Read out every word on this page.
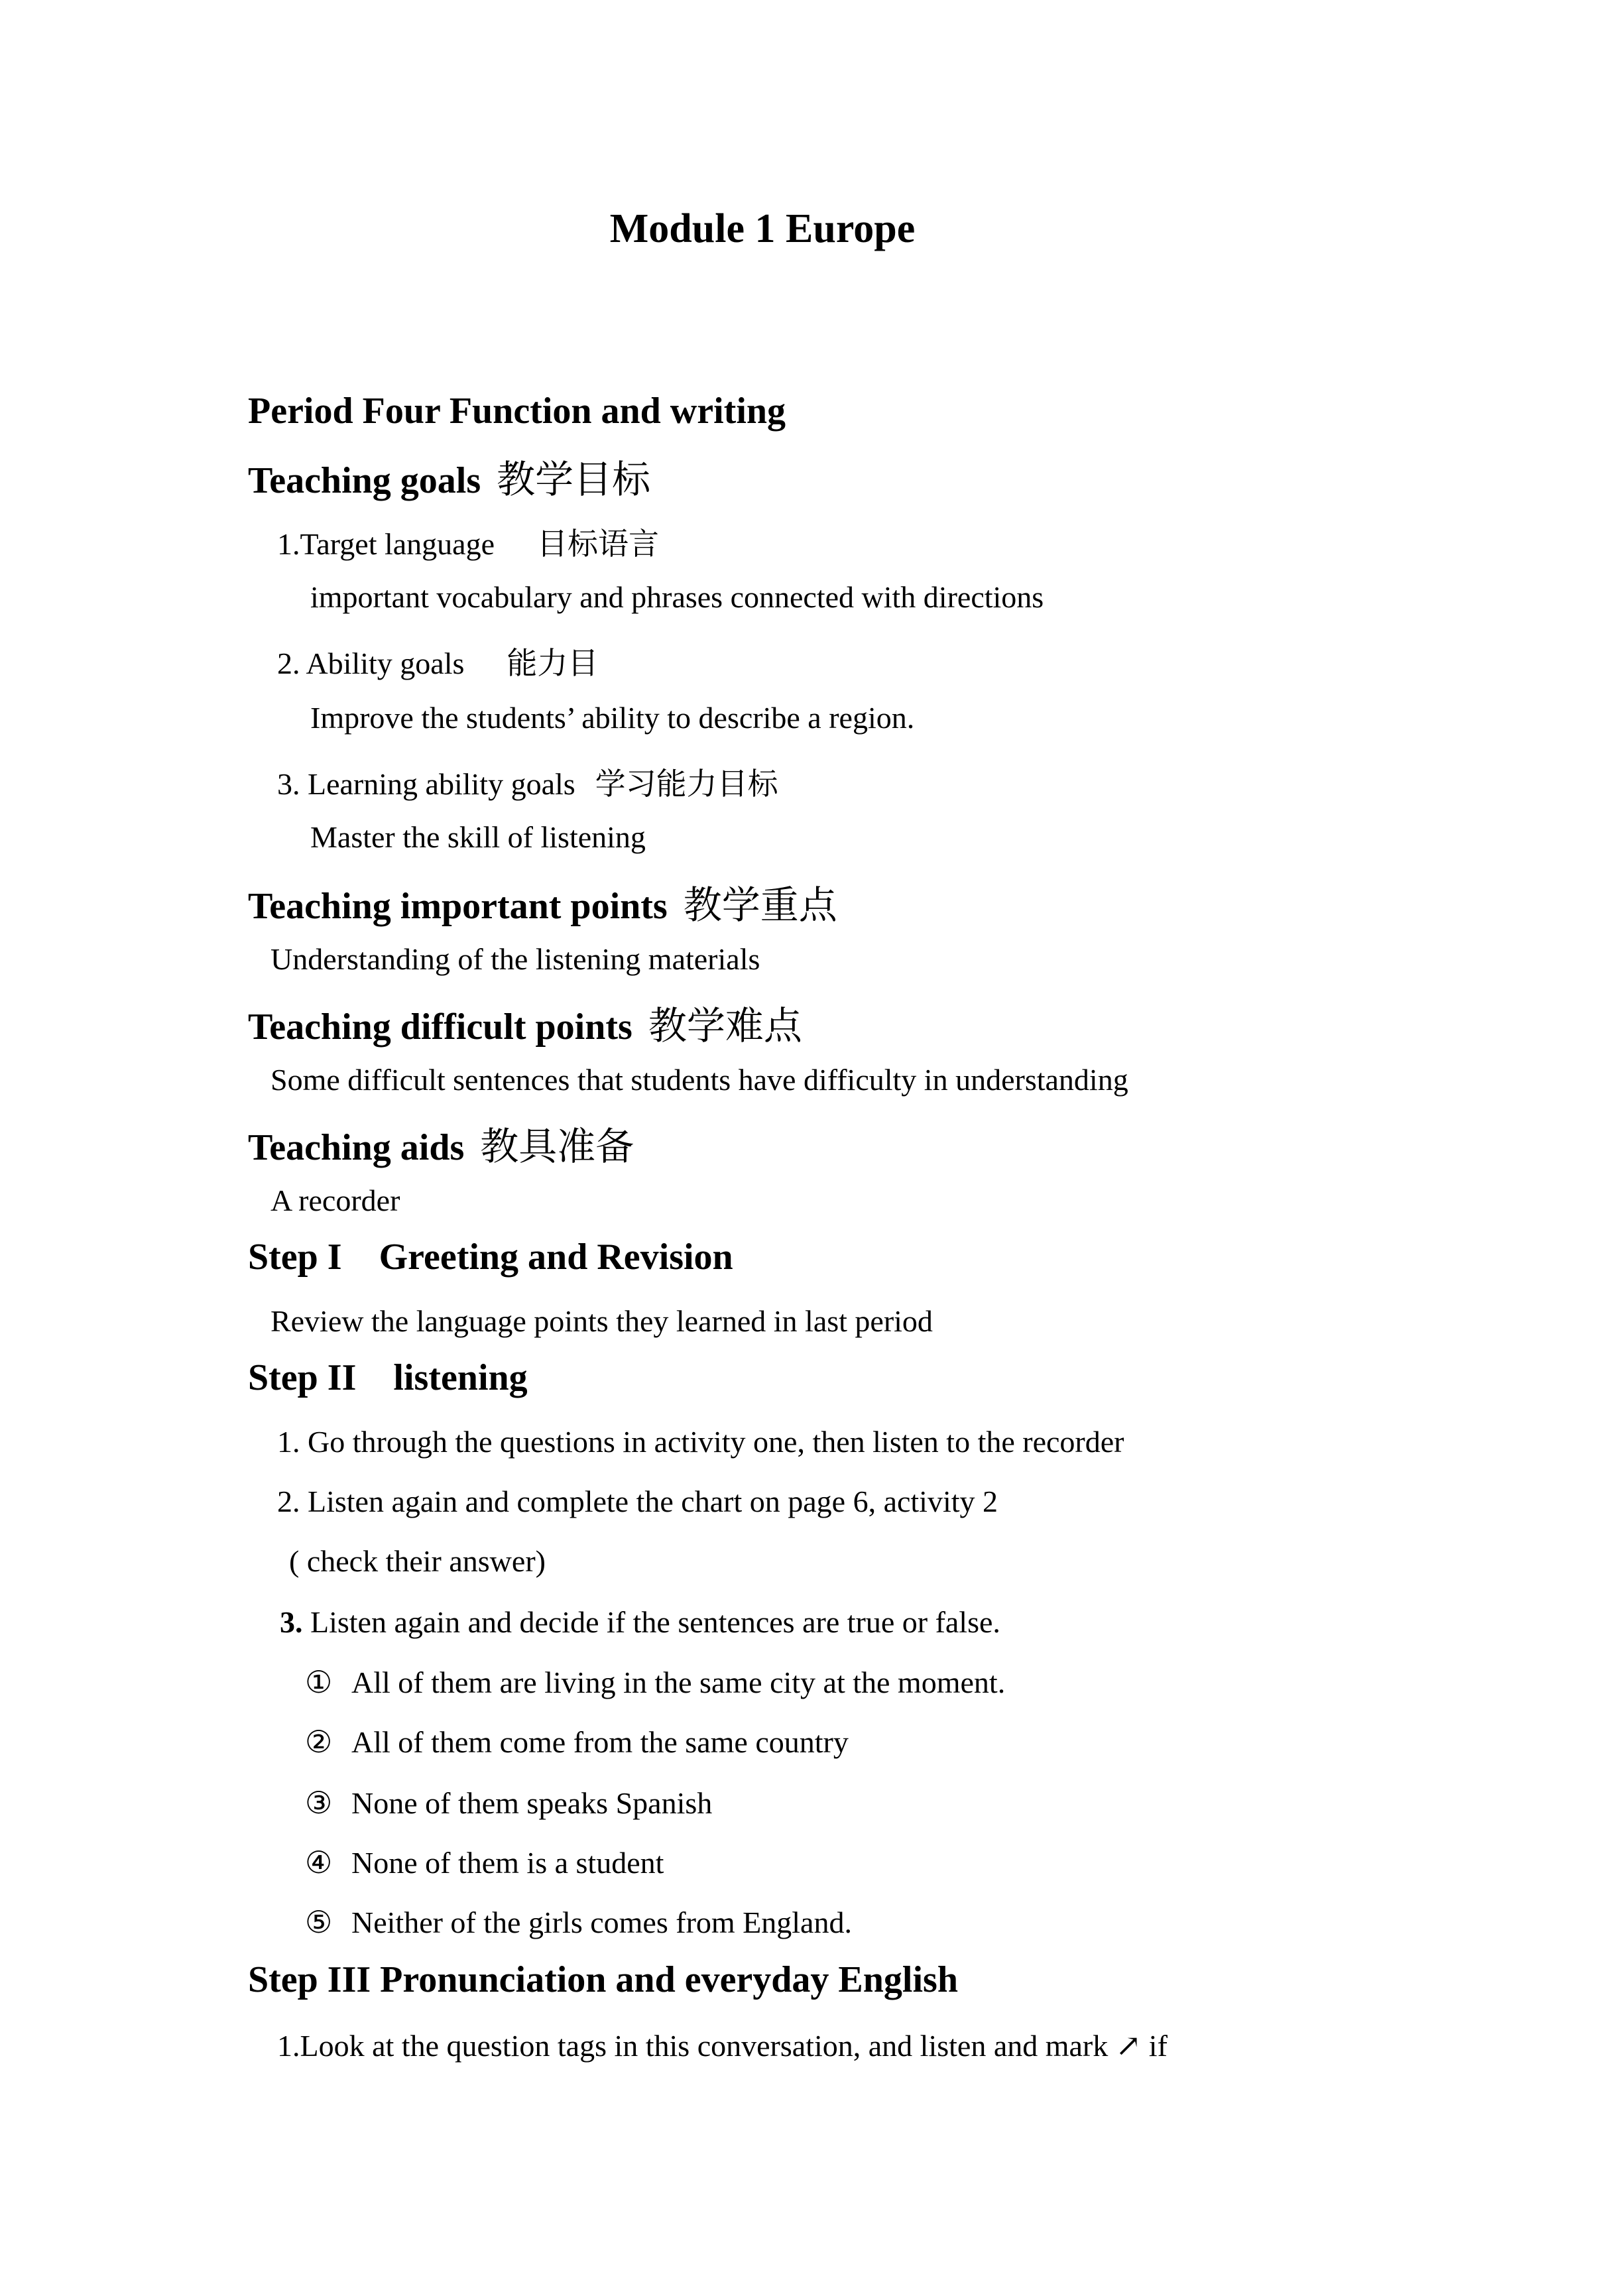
Module 1 Europe
Period Four Function and writing
Teaching goals 教学目标
1.Target language 目标语言
important vocabulary and phrases connected with directions
2. Ability goals 能力目
Improve the students’ ability to describe a region.
3. Learning ability goals 学习能力目标
Master the skill of listening
Teaching important points 教学重点
Understanding of the listening materials
Teaching difficult points 教学难点
Some difficult sentences that students have difficulty in understanding
Teaching aids 教具准备
A recorder
Step I    Greeting and Revision
Review the language points they learned in last period
Step II    listening
1. Go through the questions in activity one, then listen to the recorder
2. Listen again and complete the chart on page 6, activity 2
( check their answer)
3. Listen again and decide if the sentences are true or false.
① All of them are living in the same city at the moment.
② All of them come from the same country
③ None of them speaks Spanish
④ None of them is a student
⑤ Neither of the girls comes from England.
Step III Pronunciation and everyday English
1.Look at the question tags in this conversation, and listen and mark ↗ if
